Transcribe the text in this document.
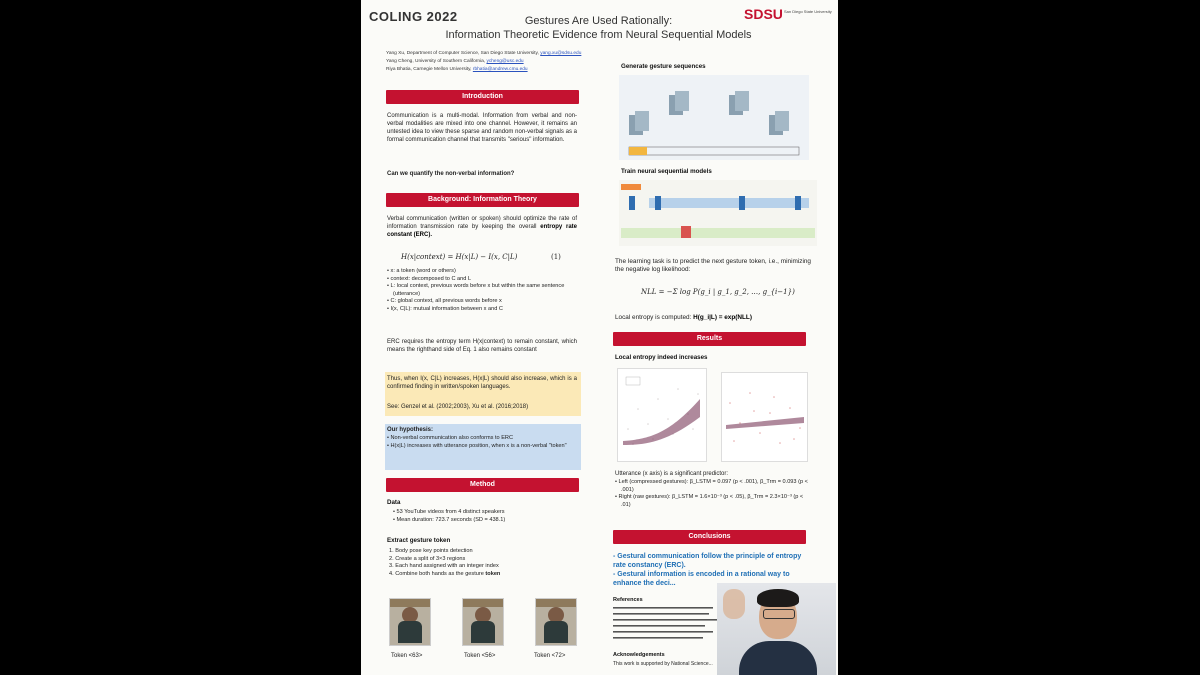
COLING 2022	Gestures Are Used Rationally:
Information Theoretic Evidence from Neural Sequential Models
SDSU San Diego State University
Yang Xu, Department of Computer Science, San Diego State University, yang.xu@sdsu.edu
Yang Cheng, University of Southern California, ycheng@usc.edu
Riya Bhatia, Carnegie Mellon University, rbhatia@andrew.cmu.edu
Introduction
Communication is a multi-modal. Information from verbal and non-verbal modalities are mixed into one channel. However, it remains an untested idea to view these sparse and random non-verbal signals as a formal communication channel that transmits "serious" information.
Can we quantify the non-verbal information?
Background: Information Theory
Verbal communication (written or spoken) should optimize the rate of information transmission rate by keeping the overall entropy rate constant (ERC).
H(x|context) = H(x|L) − I(x, C|L)	(1)
• x: a token (word or others)
• context: decomposed to C and L
• L: local context, previous words before x but within the same sentence (utterance)
• C: global context, all previous words before x
• I(x, C|L): mutual information between x and C
ERC requires the entropy term H(x|context) to remain constant, which means the righthand side of Eq. 1 also remains constant
Thus, when I(x, C|L) increases, H(x|L) should also increase, which is a confirmed finding in written/spoken languages.
See: Genzel et al. (2002;2003), Xu et al. (2016;2018)
Our hypothesis:
• Non-verbal communication also conforms to ERC
• H(x|L) increases with utterance position, when x is a non-verbal "token"
Method
Data
• 53 YouTube videos from 4 distinct speakers
• Mean duration: 723.7 seconds (SD = 438.1)
Extract gesture token
1. Body pose key points detection
2. Create a split of 3×3 regions
3. Each hand assigned with an integer index
4. Combine both hands as the gesture token
Token <63>	Token <56>	Token <72>
Generate gesture sequences
Train neural sequential models
The learning task is to predict the next gesture token, i.e., minimizing the negative log likelihood:
NLL = −Σ log P(g_i | g_1, g_2, …, g_{i−1})
Local entropy is computed: H(g_i|L) = exp(NLL)
Results
Local entropy indeed increases
Utterance (x axis) is a significant predictor:
• Left (compressed gestures): β_LSTM = 0.097 (p < .001), β_Trm = 0.093 (p < .001)
• Right (raw gestures): β_LSTM = 1.6×10⁻³ (p < .05), β_Trm = 2.3×10⁻³ (p < .01)
Conclusions
- Gestural communication follow the principle of entropy rate constancy (ERC).
- Gestural information is encoded in a rational way to enhance the deci...
References
Acknowledgements
This work is supported by National Science...
